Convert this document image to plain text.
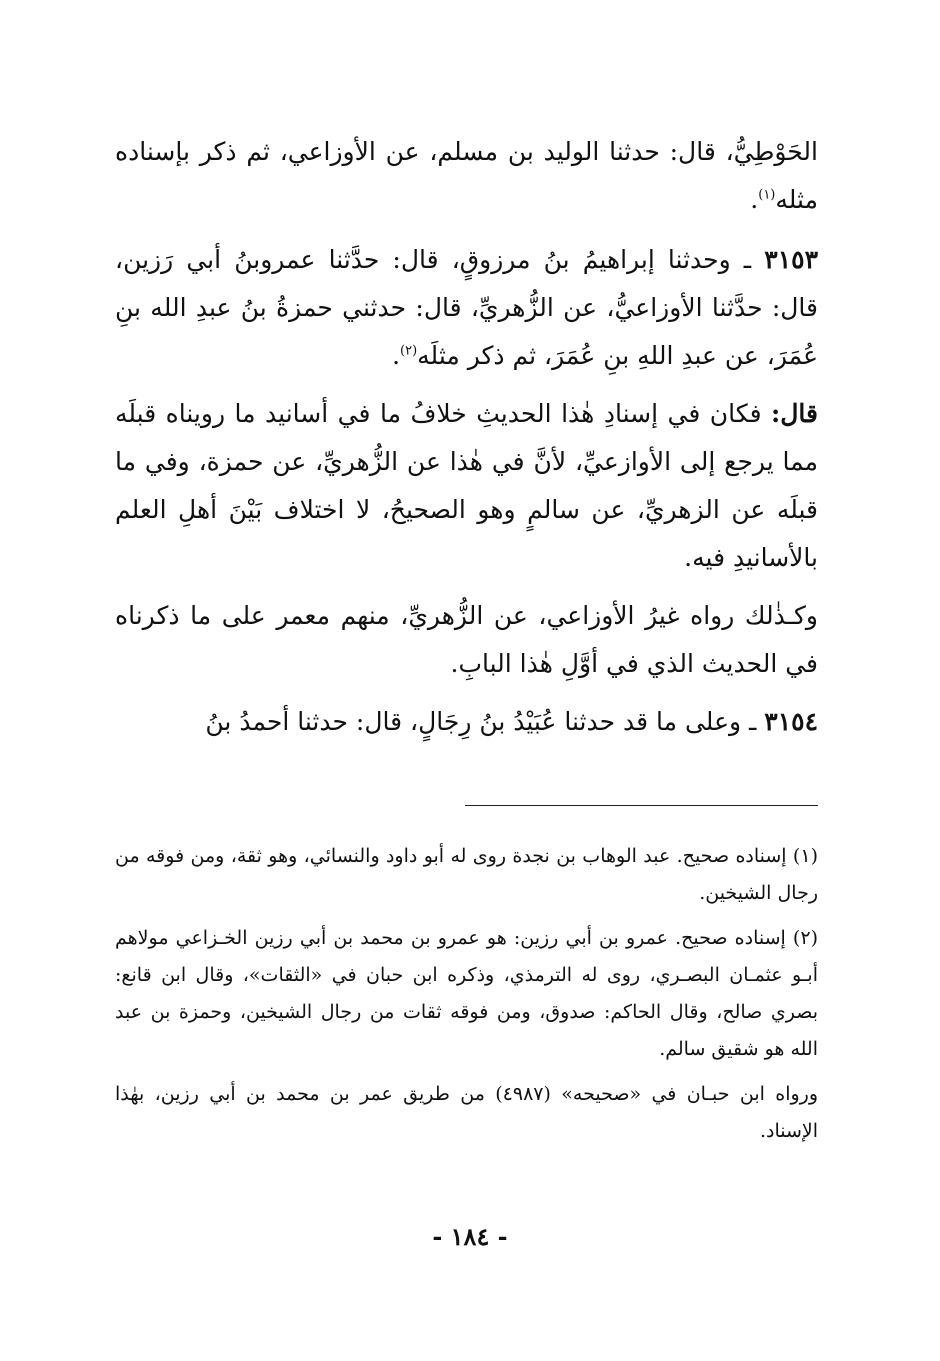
الحَوْطِيُّ، قال: حدثنا الوليد بن مسلم، عن الأوزاعي، ثم ذكر بإسناده مثله$^{(١)}$.

٣١٥٣ ـ وحدثنا إبراهيمُ بنُ مرزوقٍ، قال: حدَّثنا عمروبنُ أبي رَزين، قال: حدَّثنا الأوزاعيُّ، عن الزُّهريِّ، قال: حدثني حمزةُ بنُ عبدِ الله بنِ عُمَرَ، عن عبدِ اللهِ بنِ عُمَرَ، ثم ذكر مثلَه$^{(٢)}$.

قال: فكان في إسنادِ هٰذا الحديثِ خلافُ ما في أسانيد ما رويناه قبلَه مما يرجع إلى الأوازعيِّ، لأنَّ في هٰذا عن الزُّهريِّ، عن حمزة، وفي ما قبلَه عن الزهريِّ، عن سالمٍ وهو الصحيحُ، لا اختلاف بَيْنَ أهلِ العلم بالأسانيدِ فيه.

وكـذٰلك رواه غيرُ الأوزاعي، عن الزُّهريِّ، منهم معمر على ما ذكرناه في الحديث الذي في أوَّلِ هٰذا البابِ.

٣١٥٤ ـ وعلى ما قد حدثنا عُبَيْدُ بنُ رِجَالٍ، قال: حدثنا أحمدُ بنُ

(١) إسناده صحيح. عبد الوهاب بن نجدة روى له أبو داود والنسائي، وهو ثقة، ومن فوقه من رجال الشيخين.

(٢) إسناده صحيح. عمرو بن أبي رزين: هو عمرو بن محمد بن أبي رزين الخـزاعي مولاهم أبـو عثمـان البصـري، روى له الترمذي، وذكره ابن حبان في «الثقات»، وقال ابن قانع: بصري صالح، وقال الحاكم: صدوق، ومن فوقه ثقات من رجال الشيخين، وحمزة بن عبد الله هو شقيق سالم.

ورواه ابن حبـان في «صحيحه» (٤٩٨٧) من طريق عمر بن محمد بن أبي رزين، بهٰذا الإسناد.

- ١٨٤ -
